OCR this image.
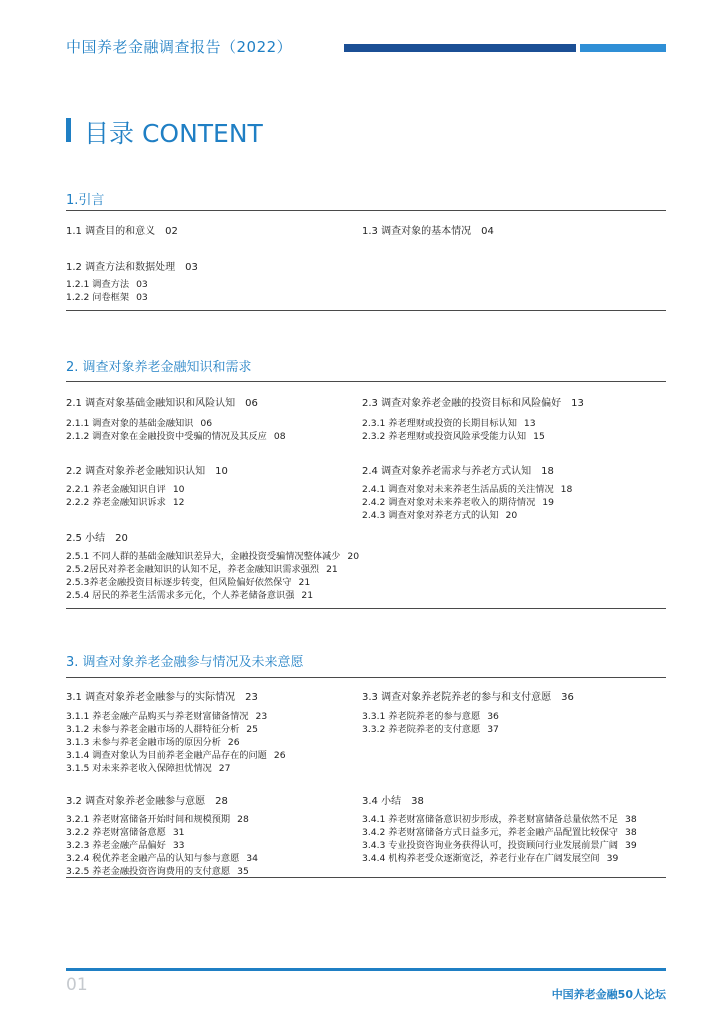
中国养老金融调查报告（2022）
目录 CONTENT
1.引言
1.1 调查目的和意义 02	1.3 调查对象的基本情况 04
1.2 调查方法和数据处理 03
1.2.1 调查方法 03
1.2.2 问卷框架 03
2. 调查对象养老金融知识和需求
2.1 调查对象基础金融知识和风险认知 06
2.1.1 调查对象的基础金融知识 06
2.1.2 调查对象在金融投资中受骗的情况及其反应 08
2.3 调查对象养老金融的投资目标和风险偏好 13
2.3.1 养老理财或投资的长期目标认知 13
2.3.2 养老理财或投资风险承受能力认知 15
2.2 调查对象养老金融知识认知 10
2.2.1 养老金融知识自评 10
2.2.2 养老金融知识诉求 12
2.4 调查对象养老需求与养老方式认知 18
2.4.1 调查对象对未来养老生活品质的关注情况 18
2.4.2 调查对象对未来养老收入的期待情况 19
2.4.3 调查对象对养老方式的认知 20
2.5 小结 20
2.5.1 不同人群的基础金融知识差异大，金融投资受骗情况整体减少 20
2.5.2居民对养老金融知识的认知不足，养老金融知识需求强烈 21
2.5.3养老金融投资目标逐步转变，但风险偏好依然保守 21
2.5.4 居民的养老生活需求多元化，个人养老储备意识强 21
3. 调查对象养老金融参与情况及未来意愿
3.1 调查对象养老金融参与的实际情况 23
3.1.1 养老金融产品购买与养老财富储备情况 23
3.1.2 未参与养老金融市场的人群特征分析 25
3.1.3 未参与养老金融市场的原因分析 26
3.1.4 调查对象认为目前养老金融产品存在的问题 26
3.1.5 对未来养老收入保障担忧情况 27
3.3 调查对象养老院养老的参与和支付意愿 36
3.3.1 养老院养老的参与意愿 36
3.3.2 养老院养老的支付意愿 37
3.2 调查对象养老金融参与意愿 28
3.2.1 养老财富储备开始时间和规模预期 28
3.2.2 养老财富储备意愿 31
3.2.3 养老金融产品偏好 33
3.2.4 税优养老金融产品的认知与参与意愿 34
3.2.5 养老金融投资咨询费用的支付意愿 35
3.4 小结 38
3.4.1 养老财富储备意识初步形成，养老财富储备总量依然不足 38
3.4.2 养老财富储备方式日益多元，养老金融产品配置比较保守 38
3.4.3 专业投资咨询业务获得认可，投资顾问行业发展前景广阔 39
3.4.4 机构养老受众逐渐宽泛，养老行业存在广阔发展空间 39
01	中国养老金融50人论坛
